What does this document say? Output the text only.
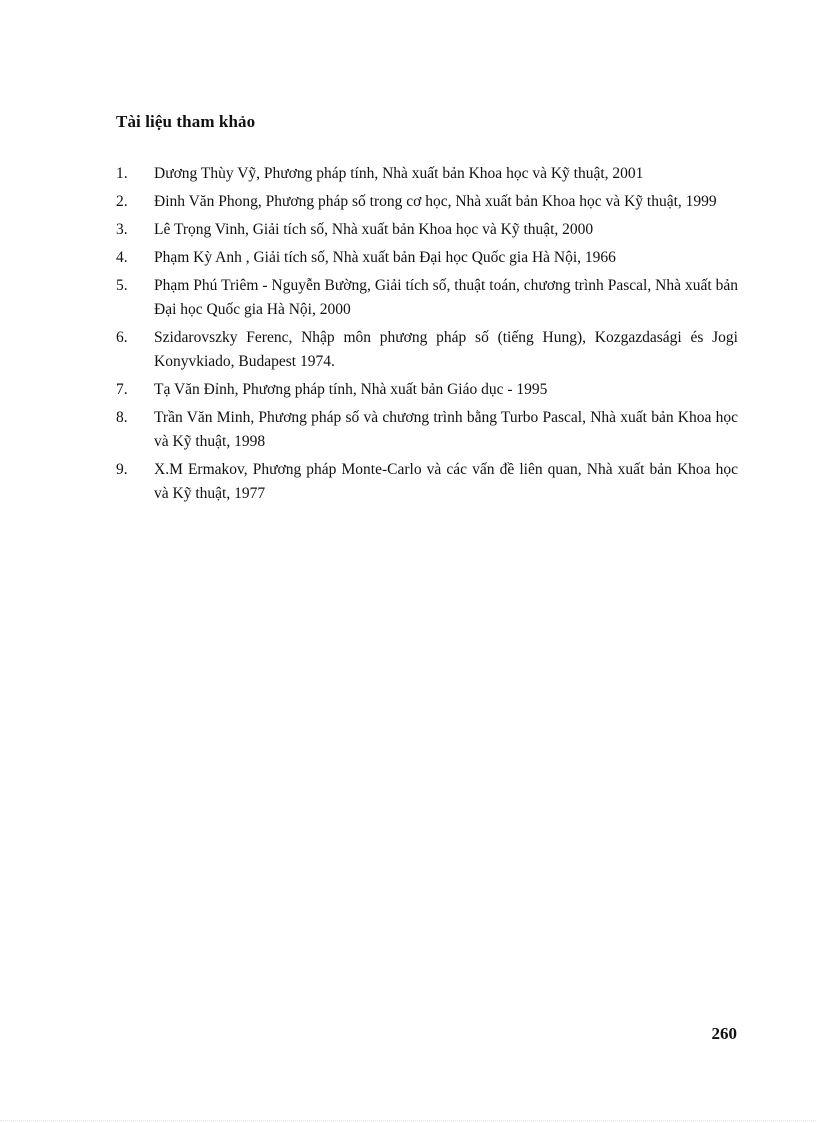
Tài liệu tham khảo
1.	Dương Thùy Vỹ, Phương pháp tính, Nhà xuất bản Khoa học và Kỹ thuật, 2001
2.	Đinh Văn Phong, Phương pháp số trong cơ học, Nhà xuất bản Khoa học và Kỹ thuật, 1999
3.	Lê Trọng Vinh, Giải tích số, Nhà xuất bản Khoa học và Kỹ thuật, 2000
4.	Phạm Kỳ Anh , Giải tích số, Nhà xuất bản Đại học Quốc gia Hà Nội, 1966
5.	Phạm Phú Triêm - Nguyễn Bường, Giải tích số, thuật toán, chương trình Pascal, Nhà xuất bản Đại học Quốc gia Hà Nội, 2000
6.	Szidarovszky Ferenc, Nhập môn phương pháp số (tiếng Hung), Kozgazdasági és Jogi Konyvkiado, Budapest 1974.
7.	Tạ Văn Đỉnh, Phương pháp tính, Nhà xuất bản Giáo dục - 1995
8.	Trần Văn Minh, Phương pháp số và chương trình bằng Turbo Pascal, Nhà xuất bản Khoa học và Kỹ thuật, 1998
9.	X.M Ermakov, Phương pháp Monte-Carlo và các vấn đề liên quan, Nhà xuất bản Khoa học và Kỹ thuật, 1977
260
